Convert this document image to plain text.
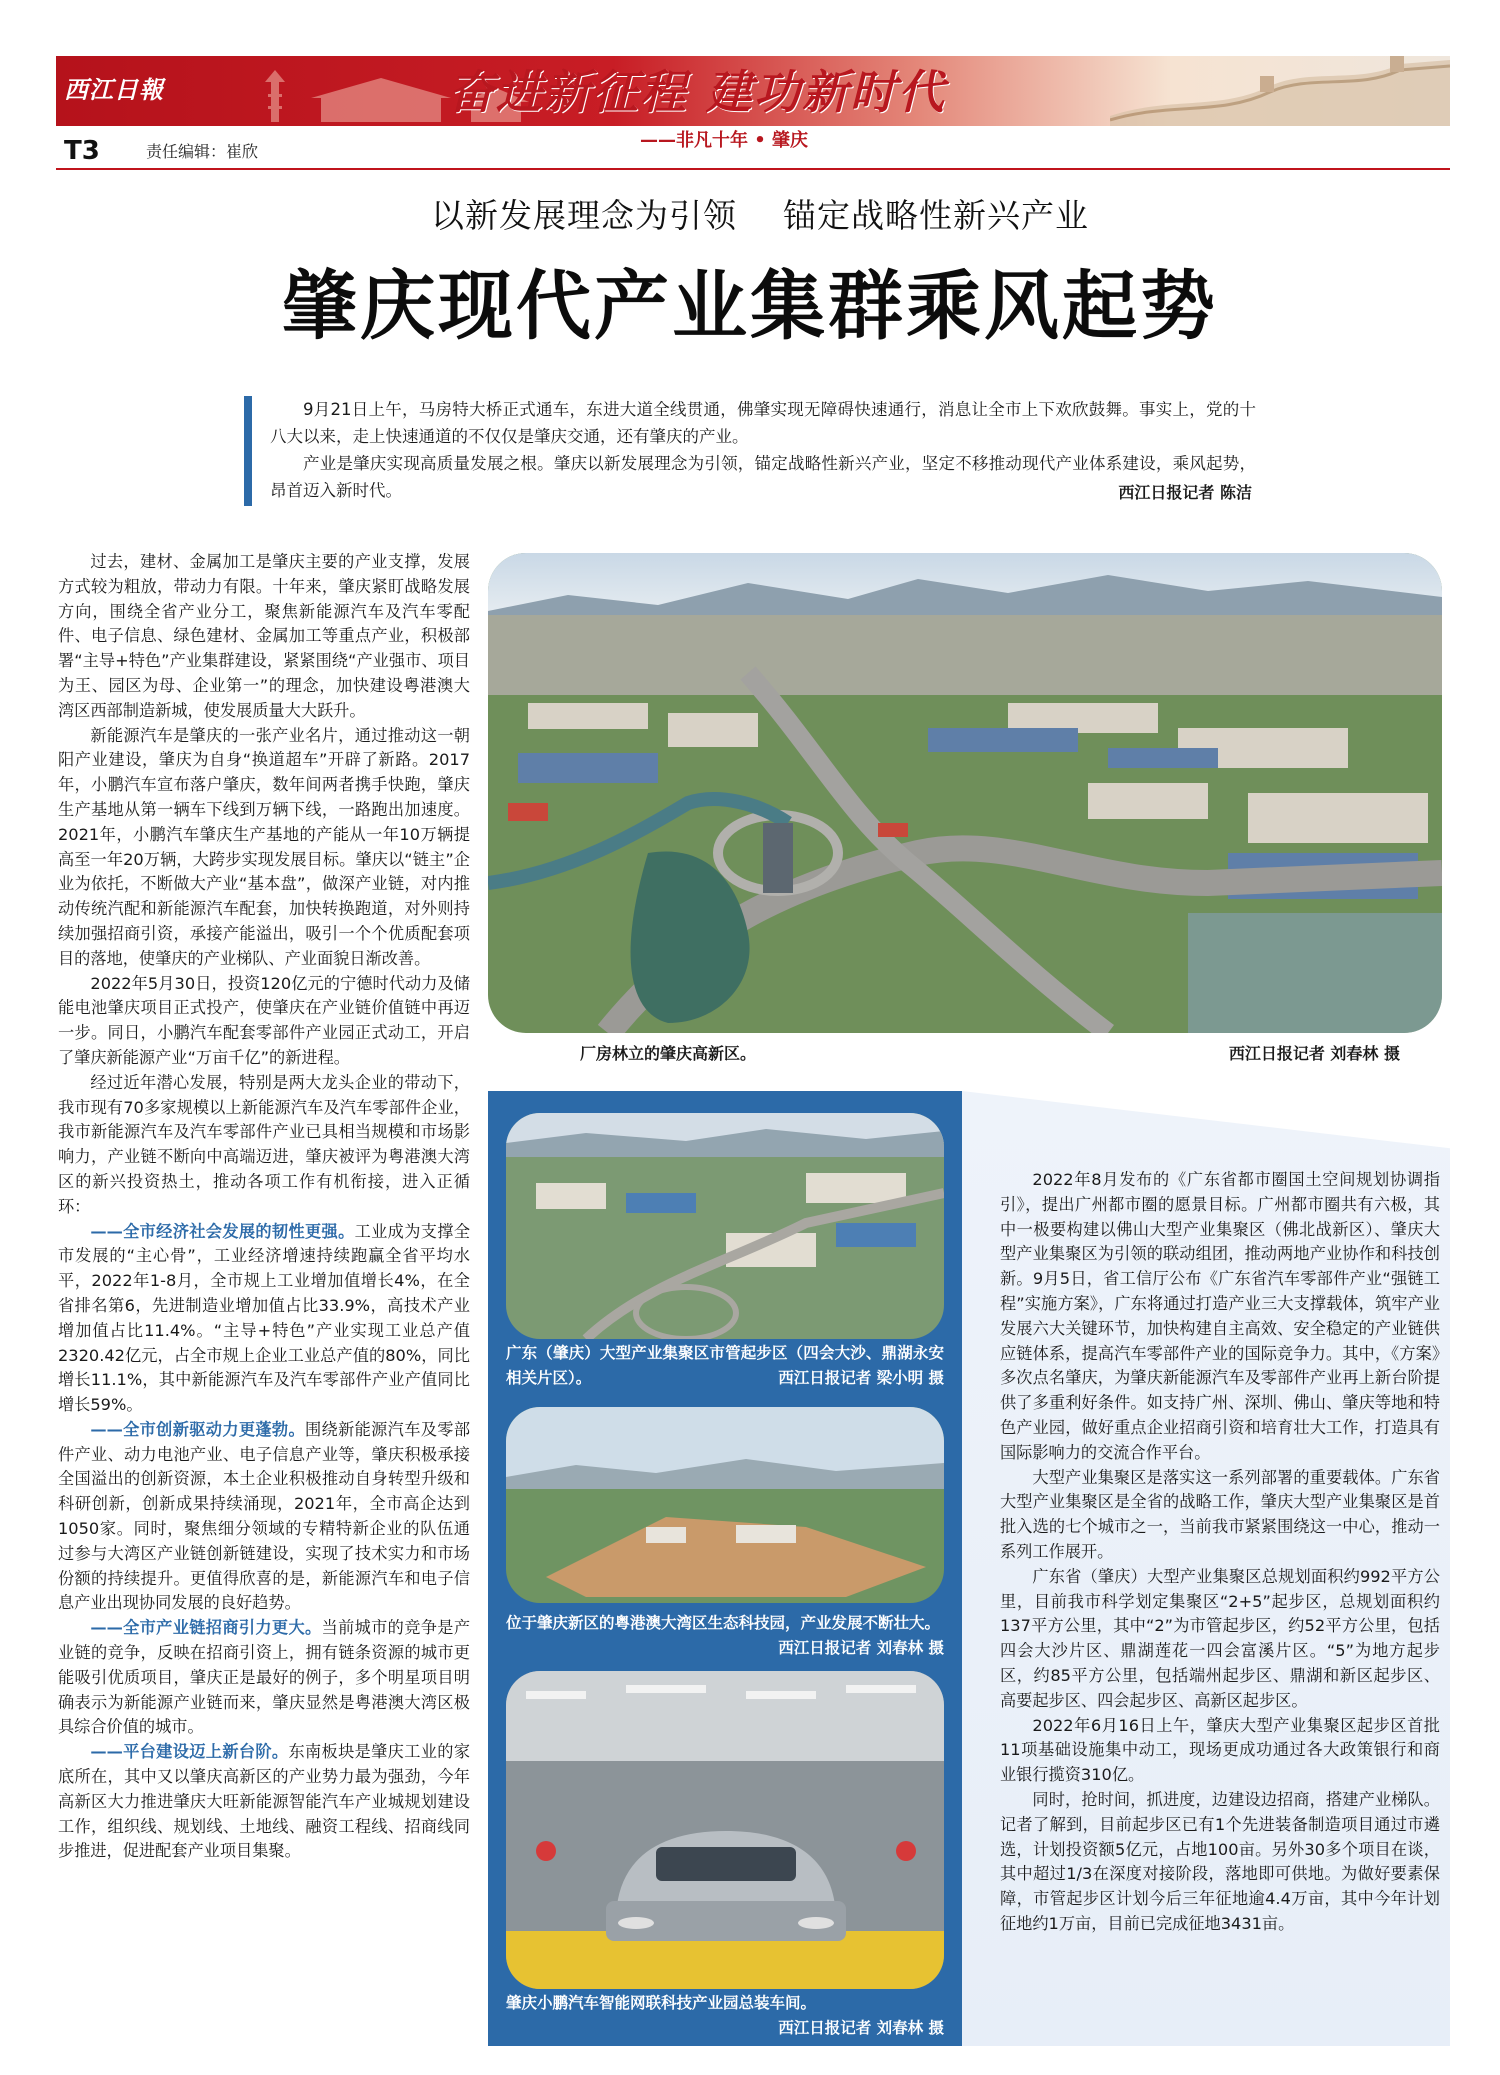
西江日報	奋进新征程 建功新时代
——非凡十年 • 肇庆
T3	责任编辑：崔欣
以新发展理念为引领    锚定战略性新兴产业
肇庆现代产业集群乘风起势

9月21日上午，马房特大桥正式通车，东进大道全线贯通，佛肇实现无障碍快速通行，消息让全市上下欢欣鼓舞。事实上，党的十八大以来，走上快速通道的不仅仅是肇庆交通，还有肇庆的产业。

产业是肇庆实现高质量发展之根。肇庆以新发展理念为引领，锚定战略性新兴产业，坚定不移推动现代产业体系建设，乘风起势，昂首迈入新时代。	西江日报记者 陈洁

过去，建材、金属加工是肇庆主要的产业支撑，发展方式较为粗放，带动力有限。十年来，肇庆紧盯战略发展方向，围绕全省产业分工，聚焦新能源汽车及汽车零配件、电子信息、绿色建材、金属加工等重点产业，积极部署“主导+特色”产业集群建设，紧紧围绕“产业强市、项目为王、园区为母、企业第一”的理念，加快建设粤港澳大湾区西部制造新城，使发展质量大大跃升。

新能源汽车是肇庆的一张产业名片，通过推动这一朝阳产业建设，肇庆为自身“换道超车”开辟了新路。2017年，小鹏汽车宣布落户肇庆，数年间两者携手快跑，肇庆生产基地从第一辆车下线到万辆下线，一路跑出加速度。2021年，小鹏汽车肇庆生产基地的产能从一年10万辆提高至一年20万辆，大跨步实现发展目标。肇庆以“链主”企业为依托，不断做大产业“基本盘”，做深产业链，对内推动传统汽配和新能源汽车配套，加快转换跑道，对外则持续加强招商引资，承接产能溢出，吸引一个个优质配套项目的落地，使肇庆的产业梯队、产业面貌日渐改善。

2022年5月30日，投资120亿元的宁德时代动力及储能电池肇庆项目正式投产，使肇庆在产业链价值链中再迈一步。同日，小鹏汽车配套零部件产业园正式动工，开启了肇庆新能源产业“万亩千亿”的新进程。

经过近年潜心发展，特别是两大龙头企业的带动下，我市现有70多家规模以上新能源汽车及汽车零部件企业，我市新能源汽车及汽车零部件产业已具相当规模和市场影响力，产业链不断向中高端迈进，肇庆被评为粤港澳大湾区的新兴投资热土，推动各项工作有机衔接，进入正循环：

——全市经济社会发展的韧性更强。工业成为支撑全市发展的“主心骨”，工业经济增速持续跑赢全省平均水平，2022年1-8月，全市规上工业增加值增长4%，在全省排名第6，先进制造业增加值占比33.9%，高技术产业增加值占比11.4%。“主导+特色”产业实现工业总产值2320.42亿元，占全市规上企业工业总产值的80%，同比增长11.1%，其中新能源汽车及汽车零部件产业产值同比增长59%。

——全市创新驱动力更蓬勃。围绕新能源汽车及零部件产业、动力电池产业、电子信息产业等，肇庆积极承接全国溢出的创新资源，本土企业积极推动自身转型升级和科研创新，创新成果持续涌现，2021年，全市高企达到1050家。同时，聚焦细分领域的专精特新企业的队伍通过参与大湾区产业链创新链建设，实现了技术实力和市场份额的持续提升。更值得欣喜的是，新能源汽车和电子信息产业出现协同发展的良好趋势。

——全市产业链招商引力更大。当前城市的竞争是产业链的竞争，反映在招商引资上，拥有链条资源的城市更能吸引优质项目，肇庆正是最好的例子，多个明星项目明确表示为新能源产业链而来，肇庆显然是粤港澳大湾区极具综合价值的城市。

——平台建设迈上新台阶。东南板块是肇庆工业的家底所在，其中又以肇庆高新区的产业势力最为强劲，今年高新区大力推进肇庆大旺新能源智能汽车产业城规划建设工作，组织线、规划线、土地线、融资工程线、招商线同步推进，促进配套产业项目集聚。

厂房林立的肇庆高新区。	西江日报记者 刘春林 摄
广东（肇庆）大型产业集聚区市管起步区（四会大沙、鼎湖永安相关片区）。	西江日报记者 梁小明 摄
位于肇庆新区的粤港澳大湾区生态科技园，产业发展不断壮大。
西江日报记者 刘春林 摄
肇庆小鹏汽车智能网联科技产业园总装车间。
西江日报记者 刘春林 摄

2022年8月发布的《广东省都市圈国土空间规划协调指引》，提出广州都市圈的愿景目标。广州都市圈共有六极，其中一极要构建以佛山大型产业集聚区（佛北战新区）、肇庆大型产业集聚区为引领的联动组团，推动两地产业协作和科技创新。9月5日，省工信厅公布《广东省汽车零部件产业“强链工程”实施方案》，广东将通过打造产业三大支撑载体，筑牢产业发展六大关键环节，加快构建自主高效、安全稳定的产业链供应链体系，提高汽车零部件产业的国际竞争力。其中，《方案》多次点名肇庆，为肇庆新能源汽车及零部件产业再上新台阶提供了多重利好条件。如支持广州、深圳、佛山、肇庆等地和特色产业园，做好重点企业招商引资和培育壮大工作，打造具有国际影响力的交流合作平台。

大型产业集聚区是落实这一系列部署的重要载体。广东省大型产业集聚区是全省的战略工作，肇庆大型产业集聚区是首批入选的七个城市之一，当前我市紧紧围绕这一中心，推动一系列工作展开。

广东省（肇庆）大型产业集聚区总规划面积约992平方公里，目前我市科学划定集聚区“2+5”起步区，总规划面积约137平方公里，其中“2”为市管起步区，约52平方公里，包括四会大沙片区、鼎湖莲花一四会富溪片区。“5”为地方起步区，约85平方公里，包括端州起步区、鼎湖和新区起步区、高要起步区、四会起步区、高新区起步区。

2022年6月16日上午，肇庆大型产业集聚区起步区首批11项基础设施集中动工，现场更成功通过各大政策银行和商业银行揽资310亿。

同时，抢时间，抓进度，边建设边招商，搭建产业梯队。记者了解到，目前起步区已有1个先进装备制造项目通过市遴选，计划投资额5亿元，占地100亩。另外30多个项目在谈，其中超过1/3在深度对接阶段，落地即可供地。为做好要素保障，市管起步区计划今后三年征地逾4.4万亩，其中今年计划征地约1万亩，目前已完成征地3431亩。
